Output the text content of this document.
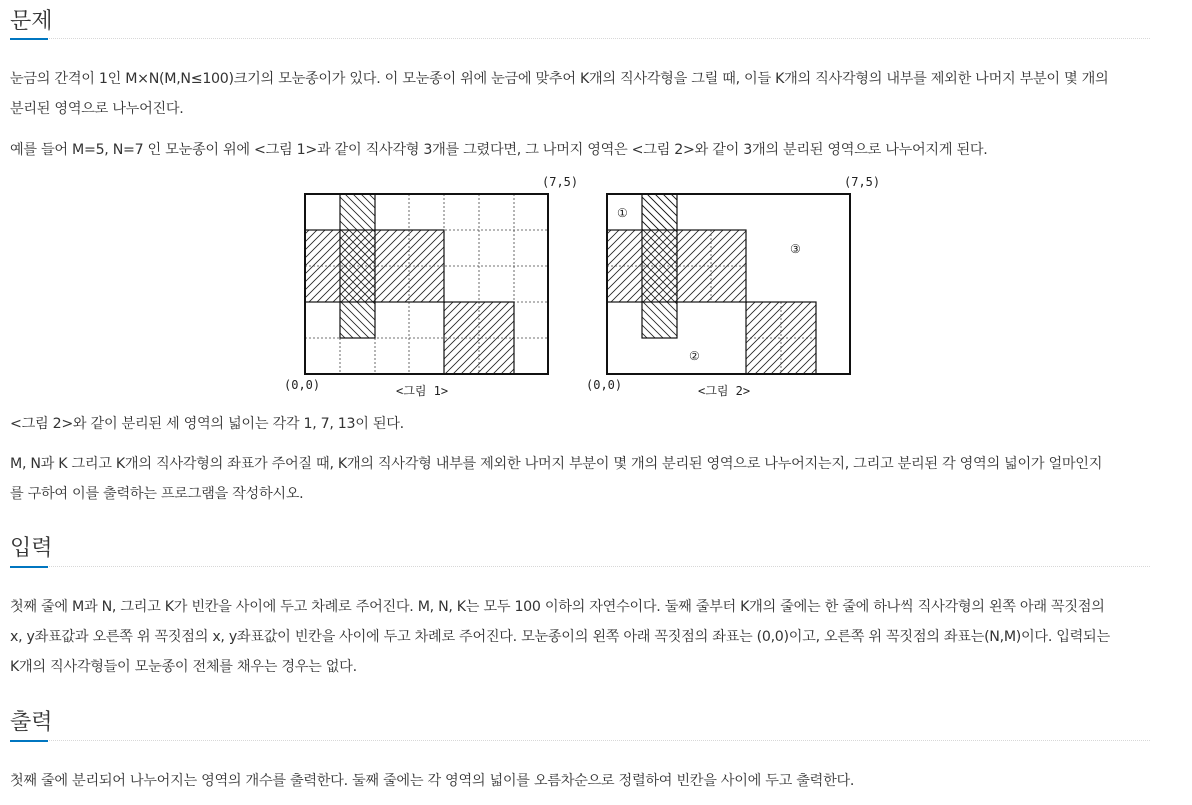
문제

눈금의 간격이 1인 M×N(M,N≤100)크기의 모눈종이가 있다. 이 모눈종이 위에 눈금에 맞추어 K개의 직사각형을 그릴 때, 이들 K개의 직사각형의 내부를 제외한 나머지 부분이 몇 개의
분리된 영역으로 나누어진다.

예를 들어 M=5, N=7 인 모눈종이 위에 <그림 1>과 같이 직사각형 3개를 그렸다면, 그 나머지 영역은 <그림 2>와 같이 3개의 분리된 영역으로 나누어지게 된다.

(7,5)
(0,0)	<그림 1>
①
②
③
(7,5)
(0,0)	<그림 2>

<그림 2>와 같이 분리된 세 영역의 넓이는 각각 1, 7, 13이 된다.

M, N과 K 그리고 K개의 직사각형의 좌표가 주어질 때, K개의 직사각형 내부를 제외한 나머지 부분이 몇 개의 분리된 영역으로 나누어지는지, 그리고 분리된 각 영역의 넓이가 얼마인지
를 구하여 이를 출력하는 프로그램을 작성하시오.

입력

첫째 줄에 M과 N, 그리고 K가 빈칸을 사이에 두고 차례로 주어진다. M, N, K는 모두 100 이하의 자연수이다. 둘째 줄부터 K개의 줄에는 한 줄에 하나씩 직사각형의 왼쪽 아래 꼭짓점의
x, y좌표값과 오른쪽 위 꼭짓점의 x, y좌표값이 빈칸을 사이에 두고 차례로 주어진다. 모눈종이의 왼쪽 아래 꼭짓점의 좌표는 (0,0)이고, 오른쪽 위 꼭짓점의 좌표는(N,M)이다. 입력되는
K개의 직사각형들이 모눈종이 전체를 채우는 경우는 없다.

출력

첫째 줄에 분리되어 나누어지는 영역의 개수를 출력한다. 둘째 줄에는 각 영역의 넓이를 오름차순으로 정렬하여 빈칸을 사이에 두고 출력한다.
